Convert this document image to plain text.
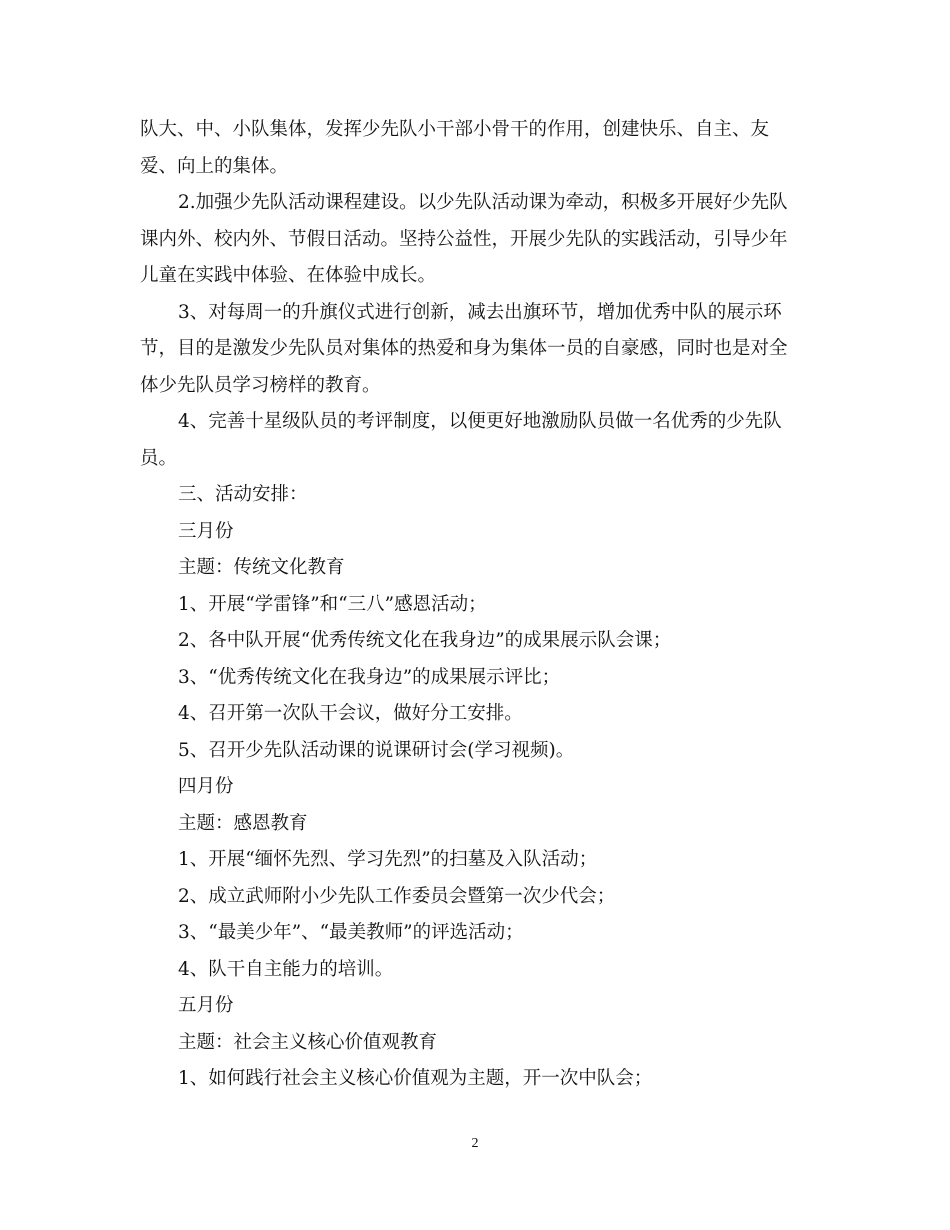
队大、中、小队集体，发挥少先队小干部小骨干的作用，创建快乐、自主、友

爱、向上的集体。

2.加强少先队活动课程建设。以少先队活动课为牵动，积极多开展好少先队

课内外、校内外、节假日活动。坚持公益性，开展少先队的实践活动，引导少年

儿童在实践中体验、在体验中成长。

3、对每周一的升旗仪式进行创新，减去出旗环节，增加优秀中队的展示环

节，目的是激发少先队员对集体的热爱和身为集体一员的自豪感，同时也是对全

体少先队员学习榜样的教育。

4、完善十星级队员的考评制度，以便更好地激励队员做一名优秀的少先队

员。

三、活动安排：

三月份

主题：传统文化教育

1、开展“学雷锋”和“三八”感恩活动；

2、各中队开展“优秀传统文化在我身边”的成果展示队会课；

3、“优秀传统文化在我身边”的成果展示评比；

4、召开第一次队干会议，做好分工安排。

5、召开少先队活动课的说课研讨会(学习视频)。

四月份

主题：感恩教育

1、开展“缅怀先烈、学习先烈”的扫墓及入队活动；

2、成立武师附小少先队工作委员会暨第一次少代会；

3、“最美少年”、“最美教师”的评选活动；

4、队干自主能力的培训。

五月份

主题：社会主义核心价值观教育

1、如何践行社会主义核心价值观为主题，开一次中队会；

2
